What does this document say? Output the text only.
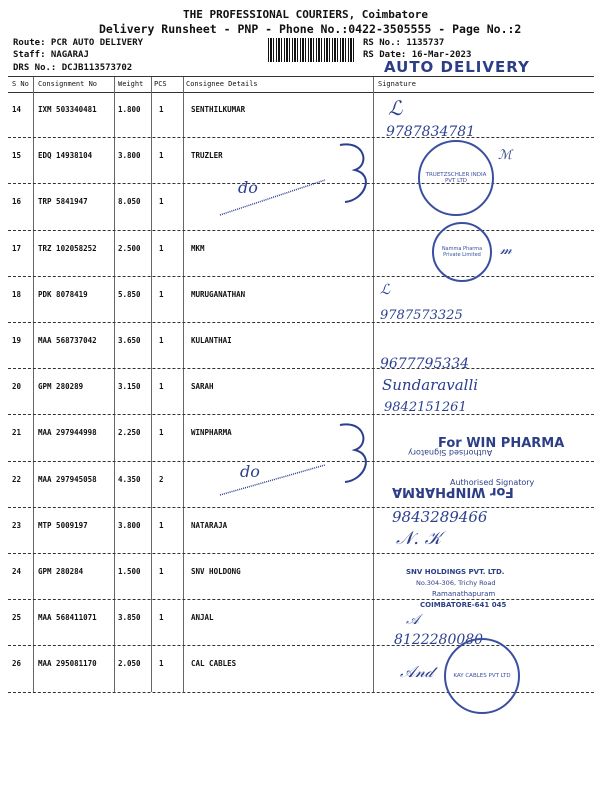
THE PROFESSIONAL COURIERS, Coimbatore
Delivery Runsheet - PNP - Phone No.:0422-3505555 - Page No.:2
Route: PCR AUTO DELIVERY
Staff: NAGARAJ
DRS No.: DCJB113573702
RS No.: 1135737
RS Date: 16-Mar-2023
AUTO DELIVERY
S No Consignment No	Weight PCS	Consignee Details	Signature
14 IXM 503340481	1.800 1	SENTHILKUMAR
15 EDQ 14938104	3.800 1	TRUZLER
16 TRP 5841947	8.050 1
17 TRZ 102058252	2.500 1	MKM
18 PDK 8078419	5.850 1	MURUGANATHAN
19 MAA 568737042	3.650 1	KULANTHAI
20 GPM 280289	3.150 1	SARAH
21 MAA 297944998	2.250 1	WINPHARMA
22 MAA 297945058	4.350 2
23 MTP 5009197	3.800 1	NATARAJA
24 GPM 280284	1.500 1	SNV HOLDONG
25 MAA 568411071	3.850 1	ANJAL
26 MAA 295081170	2.050 1	CAL CABLES
ℒ
9787834781
do
TRUETZSCHLER INDIA PVT LTD
ℳ
Namma Pharma Private Limited	𝓂
ℒ
9787573325
9677795334
Sundaravalli
9842151261
do
For WIN PHARMA
Authorised Signatory
Authorised Signatory
For WINPHARMA
9843289466
𝒩. 𝒦
SNV HOLDINGS PVT. LTD.
No.304-306, Trichy Road
Ramanathapuram
COIMBATORE-641 045
𝒜
8122280080
KAY CABLES PVT LTD
𝒜𝓃𝒹
